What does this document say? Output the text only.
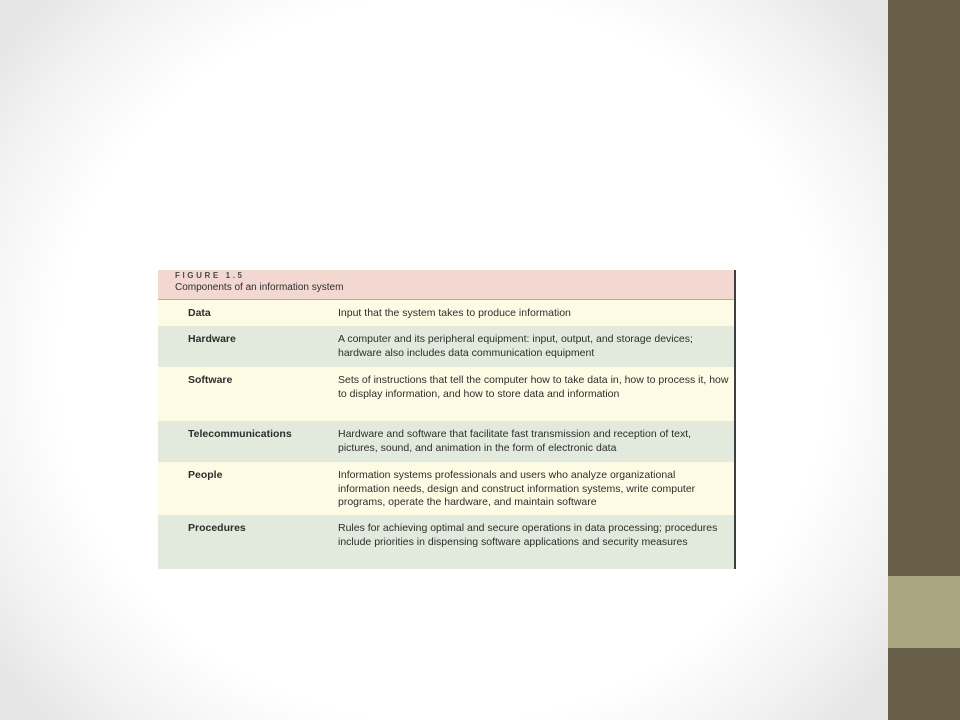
FIGURE 1.5
Components of an information system
Data	Input that the system takes to produce information
Hardware	A computer and its peripheral equipment: input, output, and storage devices; hardware also includes data communication equipment
Software	Sets of instructions that tell the computer how to take data in, how to process it, how to display information, and how to store data and information
Telecommunications	Hardware and software that facilitate fast transmission and reception of text, pictures, sound, and animation in the form of electronic data
People	Information systems professionals and users who analyze organizational information needs, design and construct information systems, write computer programs, operate the hardware, and maintain software
Procedures	Rules for achieving optimal and secure operations in data processing; procedures include priorities in dispensing software applications and security measures
